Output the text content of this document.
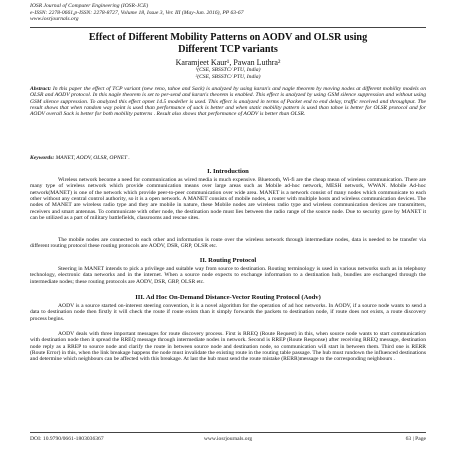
IOSR Journal of Computer Engineering (IOSR-JCE)
e-ISSN: 2278-0661,p-ISSN: 2278-8727, Volume 18, Issue 3, Ver. III (May-Jun. 2016), PP 63-67
www.iosrjournals.org
Effect of Different Mobility Patterns on AODV and OLSR using
Different TCP variants
Karamjeet Kaur¹, Pawan Luthra²
¹(CSE, SBSSTC/ PTU, India)
²(CSE, SBSSTC/ PTU, India)
Abstract: In this paper the effect of TCP variant (new reno, tahoe and Sack) is analyzed by using karan's and nagle theorem by moving nodes at different mobility models on OLSR and AODV protocol. In this nagle theorem is set to per-send and karan's theorem is enabled. This effect is analyzed by using GSM silence suppression and without using GSM silence suppression. To analyzed this effect opnet 14.5 modeller is used. This effect is analyzed in terms of Packet end to end delay, traffic received and throughput. The result shows that when random way point is used than performance of sack is better and when static mobility pattern is used than tahoe is better for OLSR protocol and for AODV overall Sack is better for both mobility patterns . Result also shows that performance of AODV is better than OLSR.
Keywords: MANET, AODV, OLSR, OPNET .
I. Introduction
Wireless network become a need for communication as wired media is much expensive. Bluetooth, Wi-fi are the cheap mean of wireless communication. There are many type of wireless network which provide communication means over large areas such as Mobile ad-hoc network, MESH network, WWAN. Mobile Ad-hoc network(MANET) is one of the network which provide peer-to-peer communication over wide area. MANET is a network consist of many nodes which communicate to each other without any central control authority, so it is a open network. A MANET consists of mobile nodes, a router with multiple hosts and wireless communication devices. The nodes of MANET are wireless radio type and they are mobile in nature, these Mobile nodes are wireless radio type and wireless communication devices are transmitters, receivers and smart antennas. To communicate with other node, the destination node must lies between the radio range of the source node. Due to security gave by MANET it can be utilized as a part of military battlefields, classrooms and rescue sites.
The mobile nodes are connected to each other and information is route over the wireless network through intermediate nodes, data is needed to be transfer via different routing protocol these routing protocols are AODV, DSR, GRP, OLSR etc.
II. Routing Protocol
Steering in MANET intends to pick a privilege and suitable way from source to destination. Routing terminology is used in various networks such as in telephony technology, electronic data networks and in the internet. When a source node expects to exchange information to a destination hub, bundles are exchanged through the intermediate nodes; these routing protocols are AODV, DSR, GRP, OLSR etc.
III. Ad Hoc On-Demand Distance-Vector Routing Protocol (Aodv)
AODV is a source started on-interest steering convention, it is a novel algorithm for the operation of ad hoc networks. In AODV, if a source node wants to send a data to destination node then firstly it will check the route if route exists than it simply forwards the packets to destination node, if route does not exists, a route discovery process begins.
AODV deals with three important messages for route discovery process. First is RREQ (Route Request) in this, when source node wants to start communication with destination node then it spread the RREQ message through intermediate nodes in network. Second is RREP (Route Response) after receiving RREQ message, destination node reply as a RREP to source node and clarify the route in between source node and destination node, so communication will start in between them. Third one is RERR (Route Error) in this, when the link breakage happens the node must invalidate the existing route in the routing table passage. The hub must rundown the influenced destinations and determine which neighbours can be affected with this breakage. At last the hub must send the route mistake (RERR)message to the corresponding neighbours .
DOI: 10.9790/0661-1803036367	www.iosrjournals.org	63 | Page
